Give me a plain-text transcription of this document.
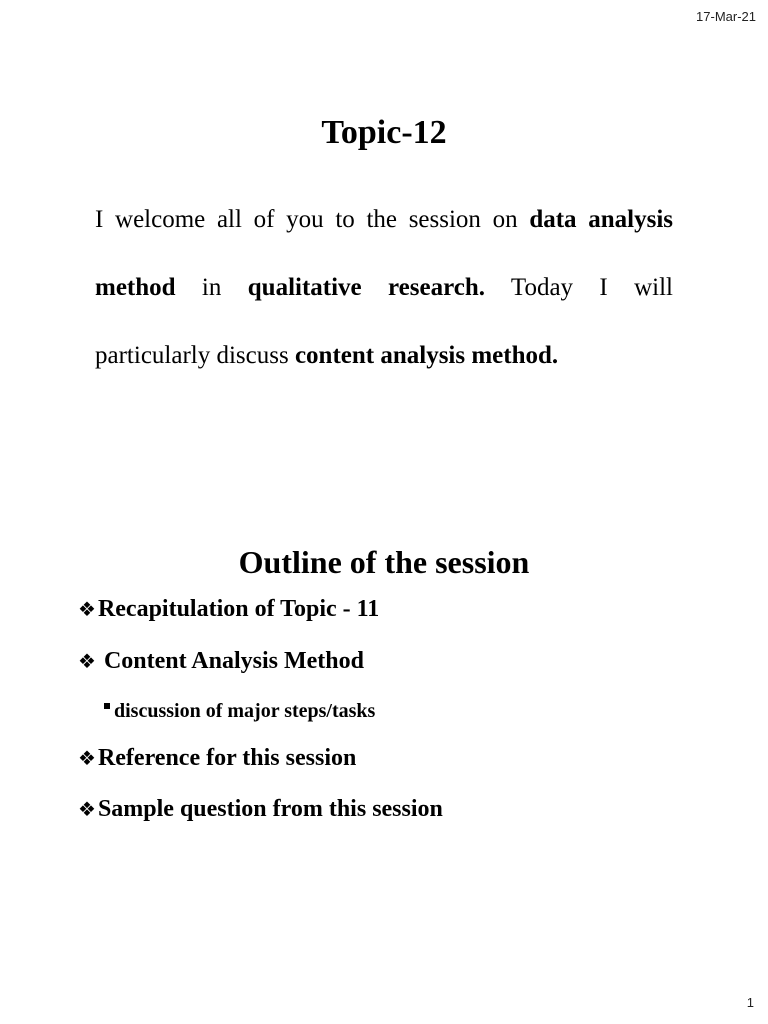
17-Mar-21
Topic-12

I welcome all of you to the session on data analysis method in qualitative research. Today I will particularly discuss content analysis method.

Outline of the session
❖ Recapitulation of Topic - 11
❖ Content Analysis Method
discussion of major steps/tasks
❖ Reference for this session
❖ Sample question from this session
1
